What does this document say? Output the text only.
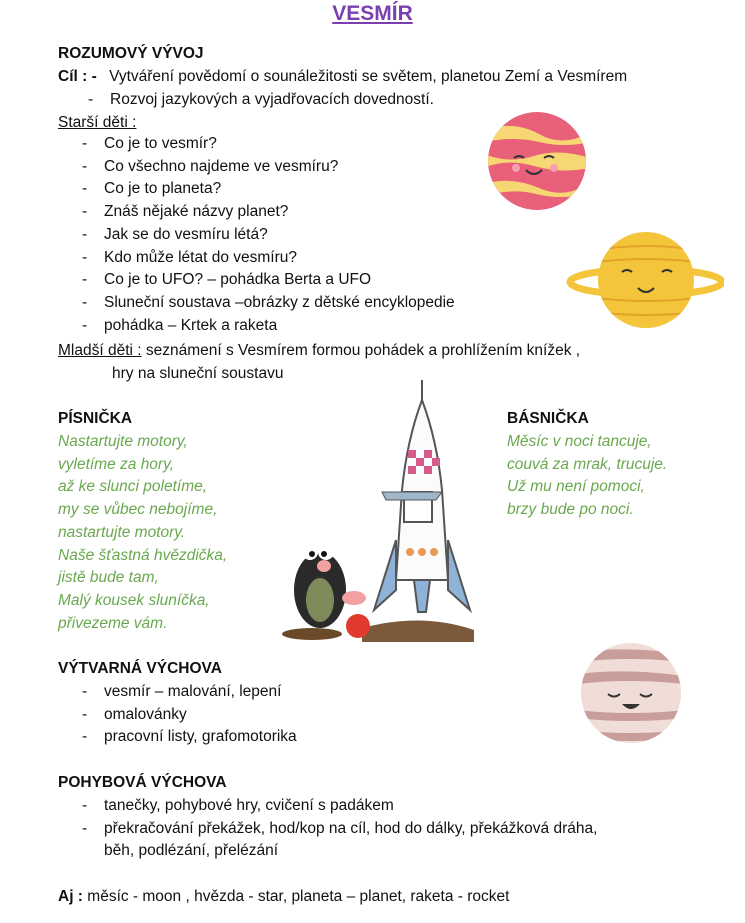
VESMÍR
ROZUMOVÝ VÝVOJ
Cíl : - Vytváření povědomí o sounáležitosti se světem, planetou Zemí a Vesmírem
- Rozvoj jazykových a vyjadřovacích dovedností.
Starší děti :
- Co je to vesmír?
- Co všechno najdeme ve vesmíru?
- Co je to planeta?
- Znáš nějaké názvy planet?
- Jak se do vesmíru létá?
- Kdo může létat do vesmíru?
- Co je to UFO? – pohádka Berta a UFO
- Sluneční soustava –obrázky z dětské encyklopedie
- pohádka – Krtek a raketa
Mladší děti : seznámení s Vesmírem formou pohádek a prohlížením knížek ,
hry na sluneční soustavu
PÍSNIČKA
Nastartujte motory,
vyletíme za hory,
až ke slunci poletíme,
my se vůbec nebojíme,
nastartujte motory.
Naše šťastná hvězdička,
jistě bude tam,
Malý kousek sluníčka,
přivezeme vám.
BÁSNIČKA
Měsíc v noci tancuje,
couvá za mrak, trucuje.
Už mu není pomoci,
brzy bude po noci.
VÝTVARNÁ VÝCHOVA
- vesmír – malování, lepení
- omalovánky
- pracovní listy, grafomotorika
POHYBOVÁ VÝCHOVA
- tanečky, pohybové hry, cvičení s padákem
- překračování překážek, hod/kop na cíl, hod do dálky, překážková dráha,
běh, podlézání, přelézání
Aj : měsíc - moon , hvězda - star, planeta – planet, raketa - rocket
